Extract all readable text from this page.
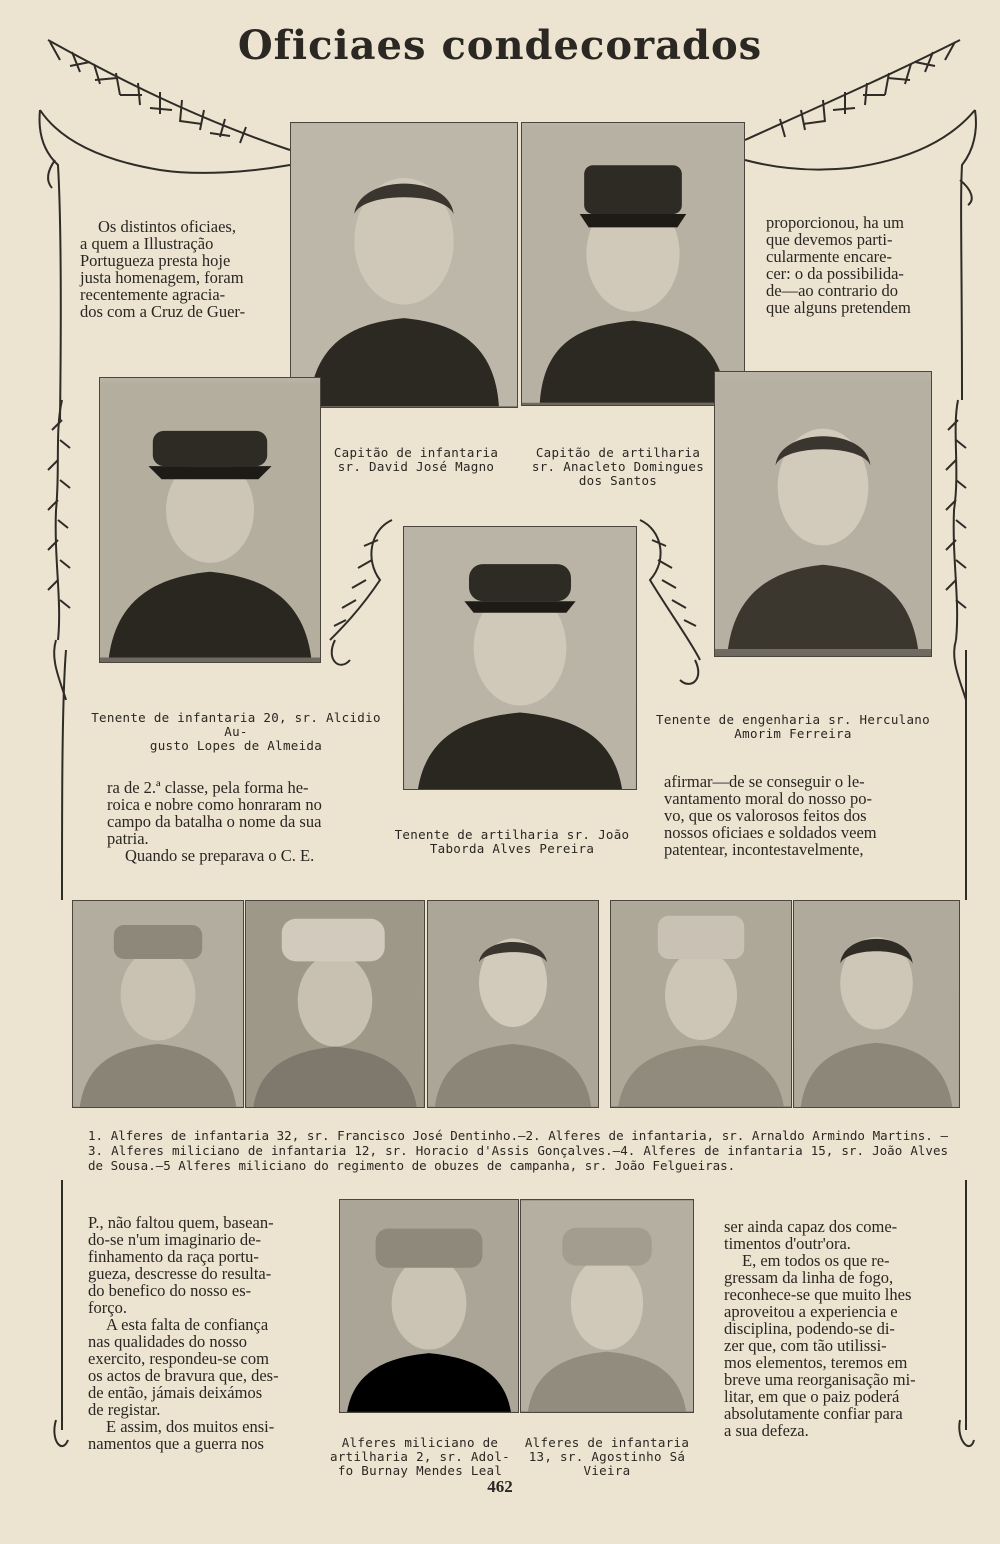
Oficiaes condecorados

Os distintos oficiaes,

a quem a Illustração

Portugueza presta hoje

justa homenagem, foram

recentemente agracia-

dos com a Cruz de Guer-

proporcionou, ha um

que devemos parti-

cularmente encare-

cer: o da possibilida-

de—ao contrario do

que alguns pretendem

ra de 2.ª classe, pela forma he-

roica e nobre como honraram no

campo da batalha o nome da sua

patria.

Quando se preparava o C. E.

afirmar—de se conseguir o le-

vantamento moral do nosso po-

vo, que os valorosos feitos dos

nossos oficiaes e soldados veem

patentear, incontestavelmente,

P., não faltou quem, basean-

do-se n'um imaginario de-

finhamento da raça portu-

gueza, descresse do resulta-

do benefico do nosso es-

forço.

A esta falta de confiança

nas qualidades do nosso

exercito, respondeu-se com

os actos de bravura que, des-

de então, jámais deixámos

de registar.

E assim, dos muitos ensi-

namentos que a guerra nos

ser ainda capaz dos come-

timentos d'outr'ora.

E, em todos os que re-

gressam da linha de fogo,

reconhece-se que muito lhes

aproveitou a experiencia e

disciplina, podendo-se di-

zer que, com tão utilissi-

mos elementos, teremos em

breve uma reorganisação mi-

litar, em que o paiz poderá

absolutamente confiar para

a sua defeza.

Capitão de infantaria
sr. David José Magno
Capitão de artilharia
sr. Anacleto Domingues
dos Santos
Tenente de infantaria 20, sr. Alcidio Au-
gusto Lopes de Almeida
Tenente de engenharia sr. Herculano
Amorim Ferreira
Tenente de artilharia sr. João
Taborda Alves Pereira
1. Alferes de infantaria 32, sr. Francisco José Dentinho.—2. Alferes de infantaria, sr. Arnaldo Armindo Martins. —3. Alferes miliciano de infantaria 12, sr. Horacio d'Assis Gonçalves.—4. Alferes de infantaria 15, sr. João Alves de Sousa.—5 Alferes miliciano do regimento de obuzes de campanha, sr. João Felgueiras.
Alferes miliciano de
artilharia 2, sr. Adol-
fo Burnay Mendes Leal
Alferes de infantaria
13, sr. Agostinho Sá
Vieira
462
